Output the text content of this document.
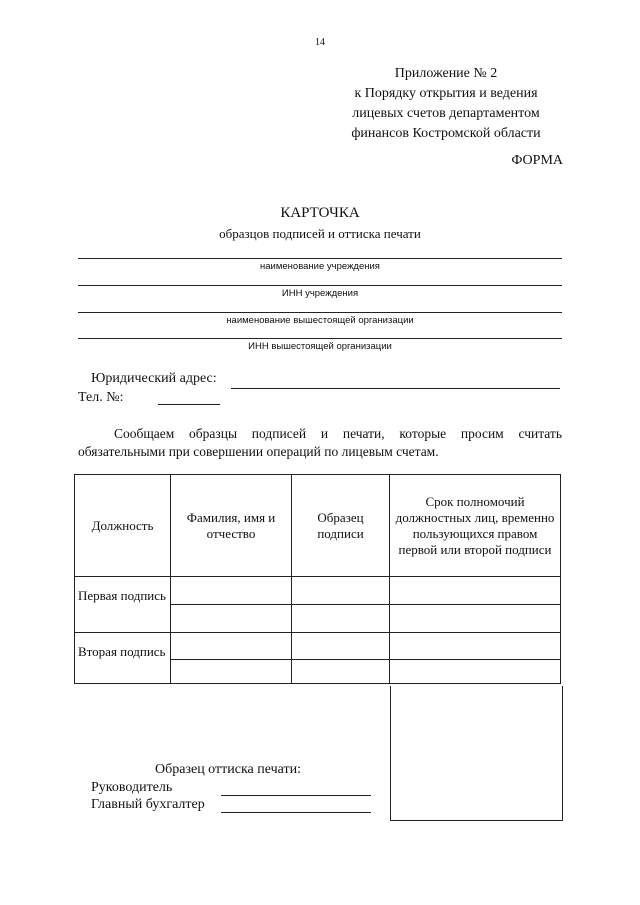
14
Приложение № 2
к Порядку открытия и ведения
лицевых счетов департаментом
финансов Костромской области
ФОРМА
КАРТОЧКА
образцов подписей и оттиска печати
наименование учреждения
ИНН учреждения
наименование вышестоящей организации
ИНН вышестоящей организации
Юридический адрес:
Тел. №:
Сообщаем образцы подписей и печати, которые просим считать обязательными при совершении операций по лицевым счетам.
Должность	Фамилия, имя и отчество	Образец подписи	Срок полномочий должностных лиц, временно пользующихся правом первой или второй подписи
Первая подпись			

Вторая подпись			

Образец оттиска печати:
Руководитель
Главный бухгалтер
